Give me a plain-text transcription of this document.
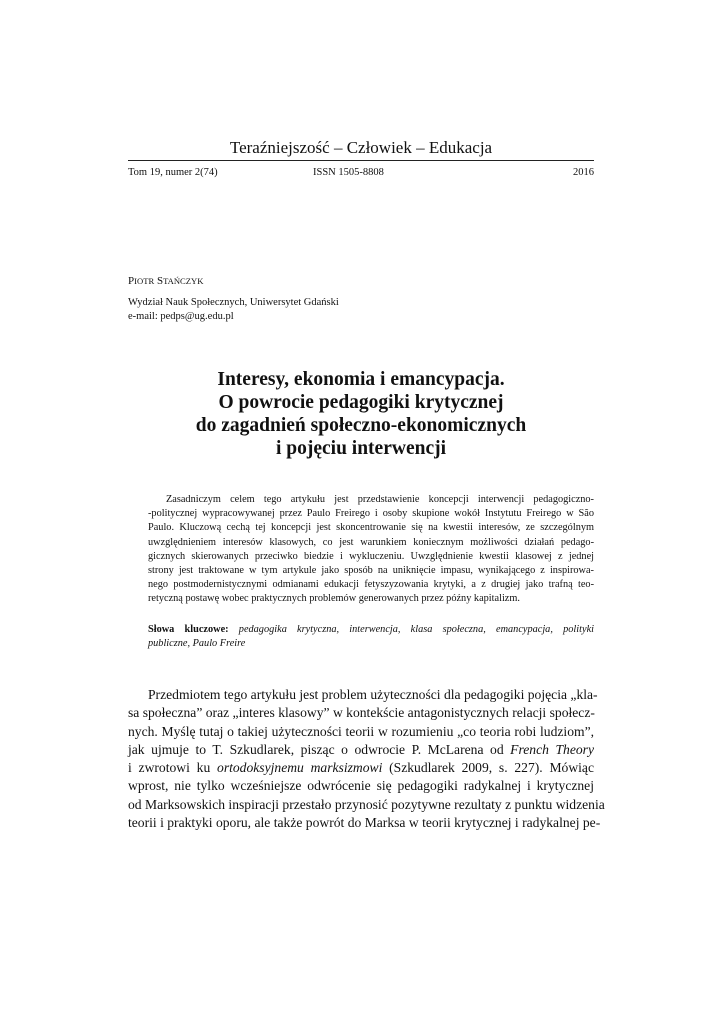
Teraźniejszość – Człowiek – Edukacja
Tom 19, numer 2(74)	ISSN 1505-8808	2016
PIOTR STAŃCZYK
Wydział Nauk Społecznych, Uniwersytet Gdański
e-mail: pedps@ug.edu.pl
Interesy, ekonomia i emancypacja.
O powrocie pedagogiki krytycznej
do zagadnień społeczno-ekonomicznych
i pojęciu interwencji
Zasadniczym celem tego artykułu jest przedstawienie koncepcji interwencji pedagogiczno-
-politycznej wypracowywanej przez Paulo Freirego i osoby skupione wokół Instytutu Freirego w São
Paulo. Kluczową cechą tej koncepcji jest skoncentrowanie się na kwestii interesów, ze szczególnym
uwzględnieniem interesów klasowych, co jest warunkiem koniecznym możliwości działań pedago-
gicznych skierowanych przeciwko biedzie i wykluczeniu. Uwzględnienie kwestii klasowej z jednej
strony jest traktowane w tym artykule jako sposób na uniknięcie impasu, wynikającego z inspirowa-
nego postmodernistycznymi odmianami edukacji fetyszyzowania krytyki, a z drugiej jako trafną teo-
retyczną postawę wobec praktycznych problemów generowanych przez późny kapitalizm.
Słowa kluczowe: pedagogika krytyczna, interwencja, klasa społeczna, emancypacja, polityki
publiczne, Paulo Freire
Przedmiotem tego artykułu jest problem użyteczności dla pedagogiki pojęcia „kla-
sa społeczna” oraz „interes klasowy” w kontekście antagonistycznych relacji społecz-
nych. Myślę tutaj o takiej użyteczności teorii w rozumieniu „co teoria robi ludziom”,
jak ujmuje to T. Szkudlarek, pisząc o odwrocie P. McLarena od French Theory
i zwrotowi ku ortodoksyjnemu marksizmowi (Szkudlarek 2009, s. 227). Mówiąc
wprost, nie tylko wcześniejsze odwrócenie się pedagogiki radykalnej i krytycznej
od Marksowskich inspiracji przestało przynosić pozytywne rezultaty z punktu widzenia
teorii i praktyki oporu, ale także powrót do Marksa w teorii krytycznej i radykalnej pe-
